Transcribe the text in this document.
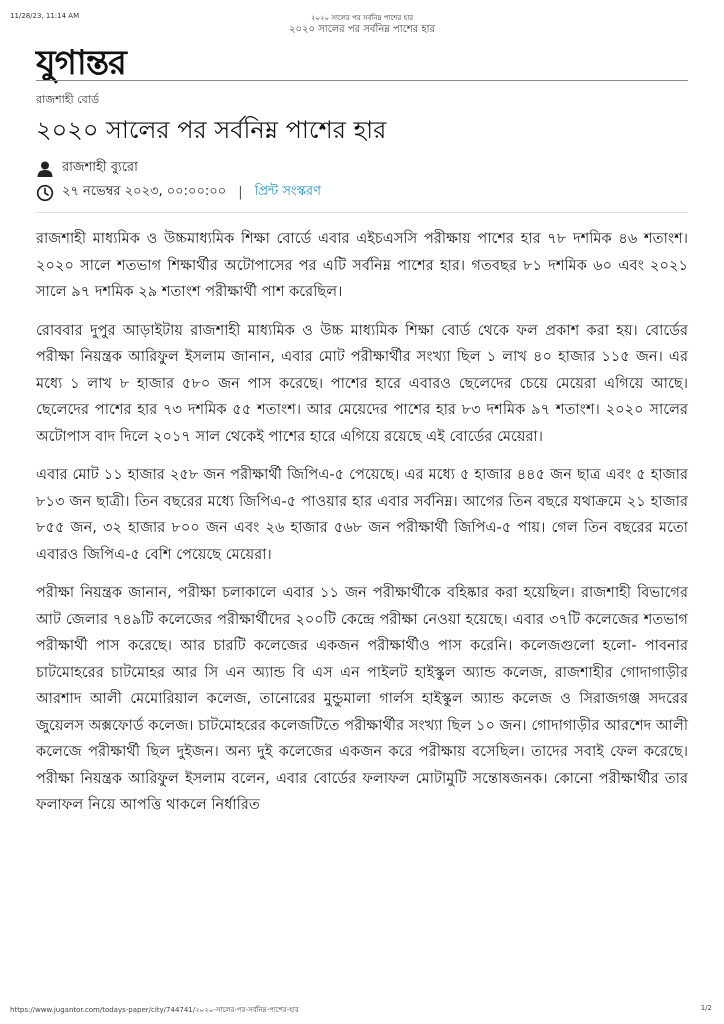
11/28/23, 11:14 AM	২০২০ সালের পর সর্বনিম্ন পাশের হার
২০২০ সালের পর সর্বনিম্ন পাশের হার
যুগান্তর
রাজশাহী বোর্ড
২০২০ সালের পর সর্বনিম্ন পাশের হার
রাজশাহী ব্যুরো
২৭ নভেম্বর ২০২৩, ০০:০০:০০ | প্রিন্ট সংস্করণ

রাজশাহী মাধ্যমিক ও উচ্চমাধ্যমিক শিক্ষা বোর্ডে এবার এইচএসসি পরীক্ষায় পাশের হার ৭৮ দশমিক ৪৬ শতাংশ। ২০২০ সালে শতভাগ শিক্ষার্থীর অটোপাসের পর এটি সর্বনিম্ন পাশের হার। গতবছর ৮১ দশমিক ৬০ এবং ২০২১ সালে ৯৭ দশমিক ২৯ শতাংশ পরীক্ষার্থী পাশ করেছিল।

রোববার দুপুর আড়াইটায় রাজশাহী মাধ্যমিক ও উচ্চ মাধ্যমিক শিক্ষা বোর্ড থেকে ফল প্রকাশ করা হয়। বোর্ডের পরীক্ষা নিয়ন্ত্রক আরিফুল ইসলাম জানান, এবার মোট পরীক্ষার্থীর সংখ্যা ছিল ১ লাখ ৪০ হাজার ১১৫ জন। এর মধ্যে ১ লাখ ৮ হাজার ৫৮০ জন পাস করেছে। পাশের হারে এবারও ছেলেদের চেয়ে মেয়েরা এগিয়ে আছে। ছেলেদের পাশের হার ৭৩ দশমিক ৫৫ শতাংশ। আর মেয়েদের পাশের হার ৮৩ দশমিক ৯৭ শতাংশ। ২০২০ সালের অটোপাস বাদ দিলে ২০১৭ সাল থেকেই পাশের হারে এগিয়ে রয়েছে এই বোর্ডের মেয়েরা।

এবার মোট ১১ হাজার ২৫৮ জন পরীক্ষার্থী জিপিএ-৫ পেয়েছে। এর মধ্যে ৫ হাজার ৪৪৫ জন ছাত্র এবং ৫ হাজার ৮১৩ জন ছাত্রী। তিন বছরের মধ্যে জিপিএ-৫ পাওয়ার হার এবার সর্বনিম্ন। আগের তিন বছরে যথাক্রমে ২১ হাজার ৮৫৫ জন, ৩২ হাজার ৮০০ জন এবং ২৬ হাজার ৫৬৮ জন পরীক্ষার্থী জিপিএ-৫ পায়। গেল তিন বছরের মতো এবারও জিপিএ-৫ বেশি পেয়েছে মেয়েরা।

পরীক্ষা নিয়ন্ত্রক জানান, পরীক্ষা চলাকালে এবার ১১ জন পরীক্ষার্থীকে বহিষ্কার করা হয়েছিল। রাজশাহী বিভাগের আট জেলার ৭৪৯টি কলেজের পরীক্ষার্থীদের ২০০টি কেন্দ্রে পরীক্ষা নেওয়া হয়েছে। এবার ৩৭টি কলেজের শতভাগ পরীক্ষার্থী পাস করেছে। আর চারটি কলেজের একজন পরীক্ষার্থীও পাস করেনি। কলেজগুলো হলো- পাবনার চাটমোহরের চাটমোহর আর সি এন অ্যান্ড বি এস এন পাইলট হাইস্কুল অ্যান্ড কলেজ, রাজশাহীর গোদাগাড়ীর আরশাদ আলী মেমোরিয়াল কলেজ, তানোরের মুন্ডুমালা গার্লস হাইস্কুল অ্যান্ড কলেজ ও সিরাজগঞ্জ সদরের জুয়েলস অক্সফোর্ড কলেজ। চাটমোহরের কলেজটিতে পরীক্ষার্থীর সংখ্যা ছিল ১০ জন। গোদাগাড়ীর আরশেদ আলী কলেজে পরীক্ষার্থী ছিল দুইজন। অন্য দুই কলেজের একজন করে পরীক্ষায় বসেছিল। তাদের সবাই ফেল করেছে। পরীক্ষা নিয়ন্ত্রক আরিফুল ইসলাম বলেন, এবার বোর্ডের ফলাফল মোটামুটি সন্তোষজনক। কোনো পরীক্ষার্থীর তার ফলাফল নিয়ে আপত্তি থাকলে নির্ধারিত

https://www.jugantor.com/todays-paper/city/744741/২০২০-সালের-পর-সর্বনিম্ন-পাশের-হার	1/2
